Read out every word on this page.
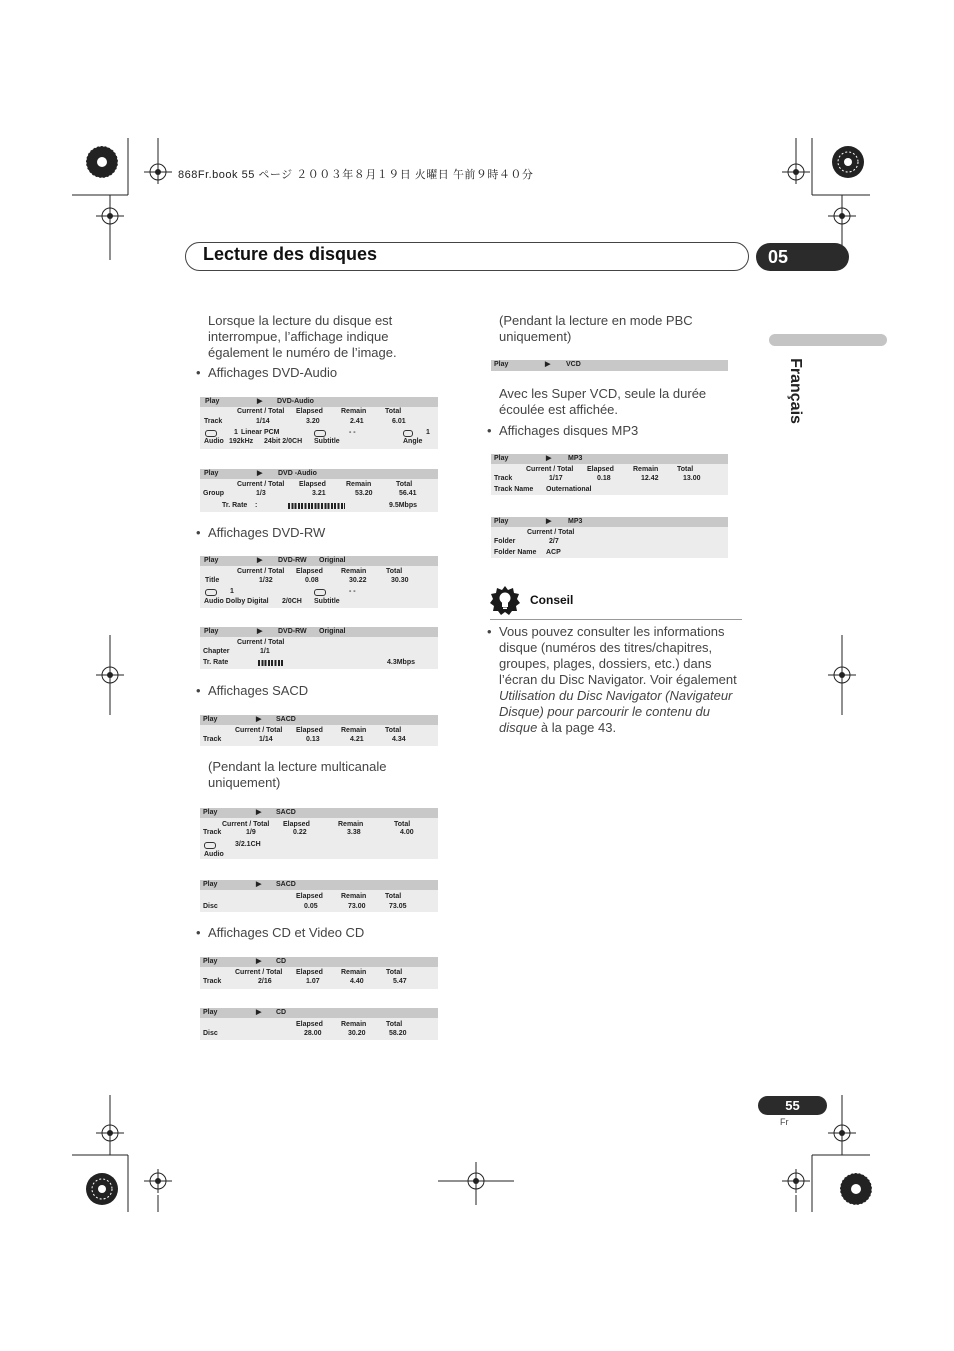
868Fr.book 55 ページ ２００３年８月１９日 火曜日 午前９時４０分
Lecture des disques	05
Français
Lorsque la lecture du disque est interrompue, l’affichage indique également le numéro de l’image.
• Affichages DVD-Audio
Play	▶ DVD-Audio
Current / Total Elapsed	Remain	Total
Track	1/14	3.20	2.41	6.01
1 Linear PCM	- -	1
Audio 192kHz 24bit 2/0CH Subtitle	Angle
Play	▶ DVD -Audio
Current / Total Elapsed	Remain	Total
Group	1/3	3.21	53.20	56.41
Tr. Rate :	9.5Mbps
• Affichages DVD-RW
Play	▶ DVD-RW Original
Current / Total Elapsed	Remain	Total
Title	1/32	0.08	30.22	30.30
1	- -
Audio Dolby Digital 2/0CH Subtitle
Play	▶ DVD-RW Original
Current / Total
Chapter	1/1
Tr. Rate	4.3Mbps
• Affichages SACD
Play	▶ SACD
Current / Total Elapsed	Remain	Total
Track	1/14	0.13	4.21	4.34
(Pendant la lecture multicanale uniquement)
Play	▶ SACD
Current / Total Elapsed	Remain	Total
Track	1/9	0.22	3.38	4.00
3/2.1CH
Audio
Play	▶ SACD
Elapsed	Remain	Total
Disc	0.05	73.00	73.05
• Affichages CD et Video CD
Play	▶ CD
Current / Total Elapsed	Remain	Total
Track	2/16	1.07	4.40	5.47
Play	▶ CD
Elapsed	Remain	Total
Disc	28.00	30.20	58.20
(Pendant la lecture en mode PBC uniquement)
Play	▶ VCD
Avec les Super VCD, seule la durée écoulée est affichée.
• Affichages disques MP3
Play	▶ MP3
Current / Total Elapsed	Remain	Total
Track	1/17	0.18	12.42	13.00
Track Name Outernational
Play	▶ MP3
Current / Total
Folder	2/7
Folder Name ACP
Conseil
• Vous pouvez consulter les informations disque (numéros des titres/chapitres, groupes, plages, dossiers, etc.) dans l’écran du Disc Navigator. Voir également Utilisation du Disc Navigator (Navigateur Disque) pour parcourir le contenu du disque à la page 43.
55
Fr
